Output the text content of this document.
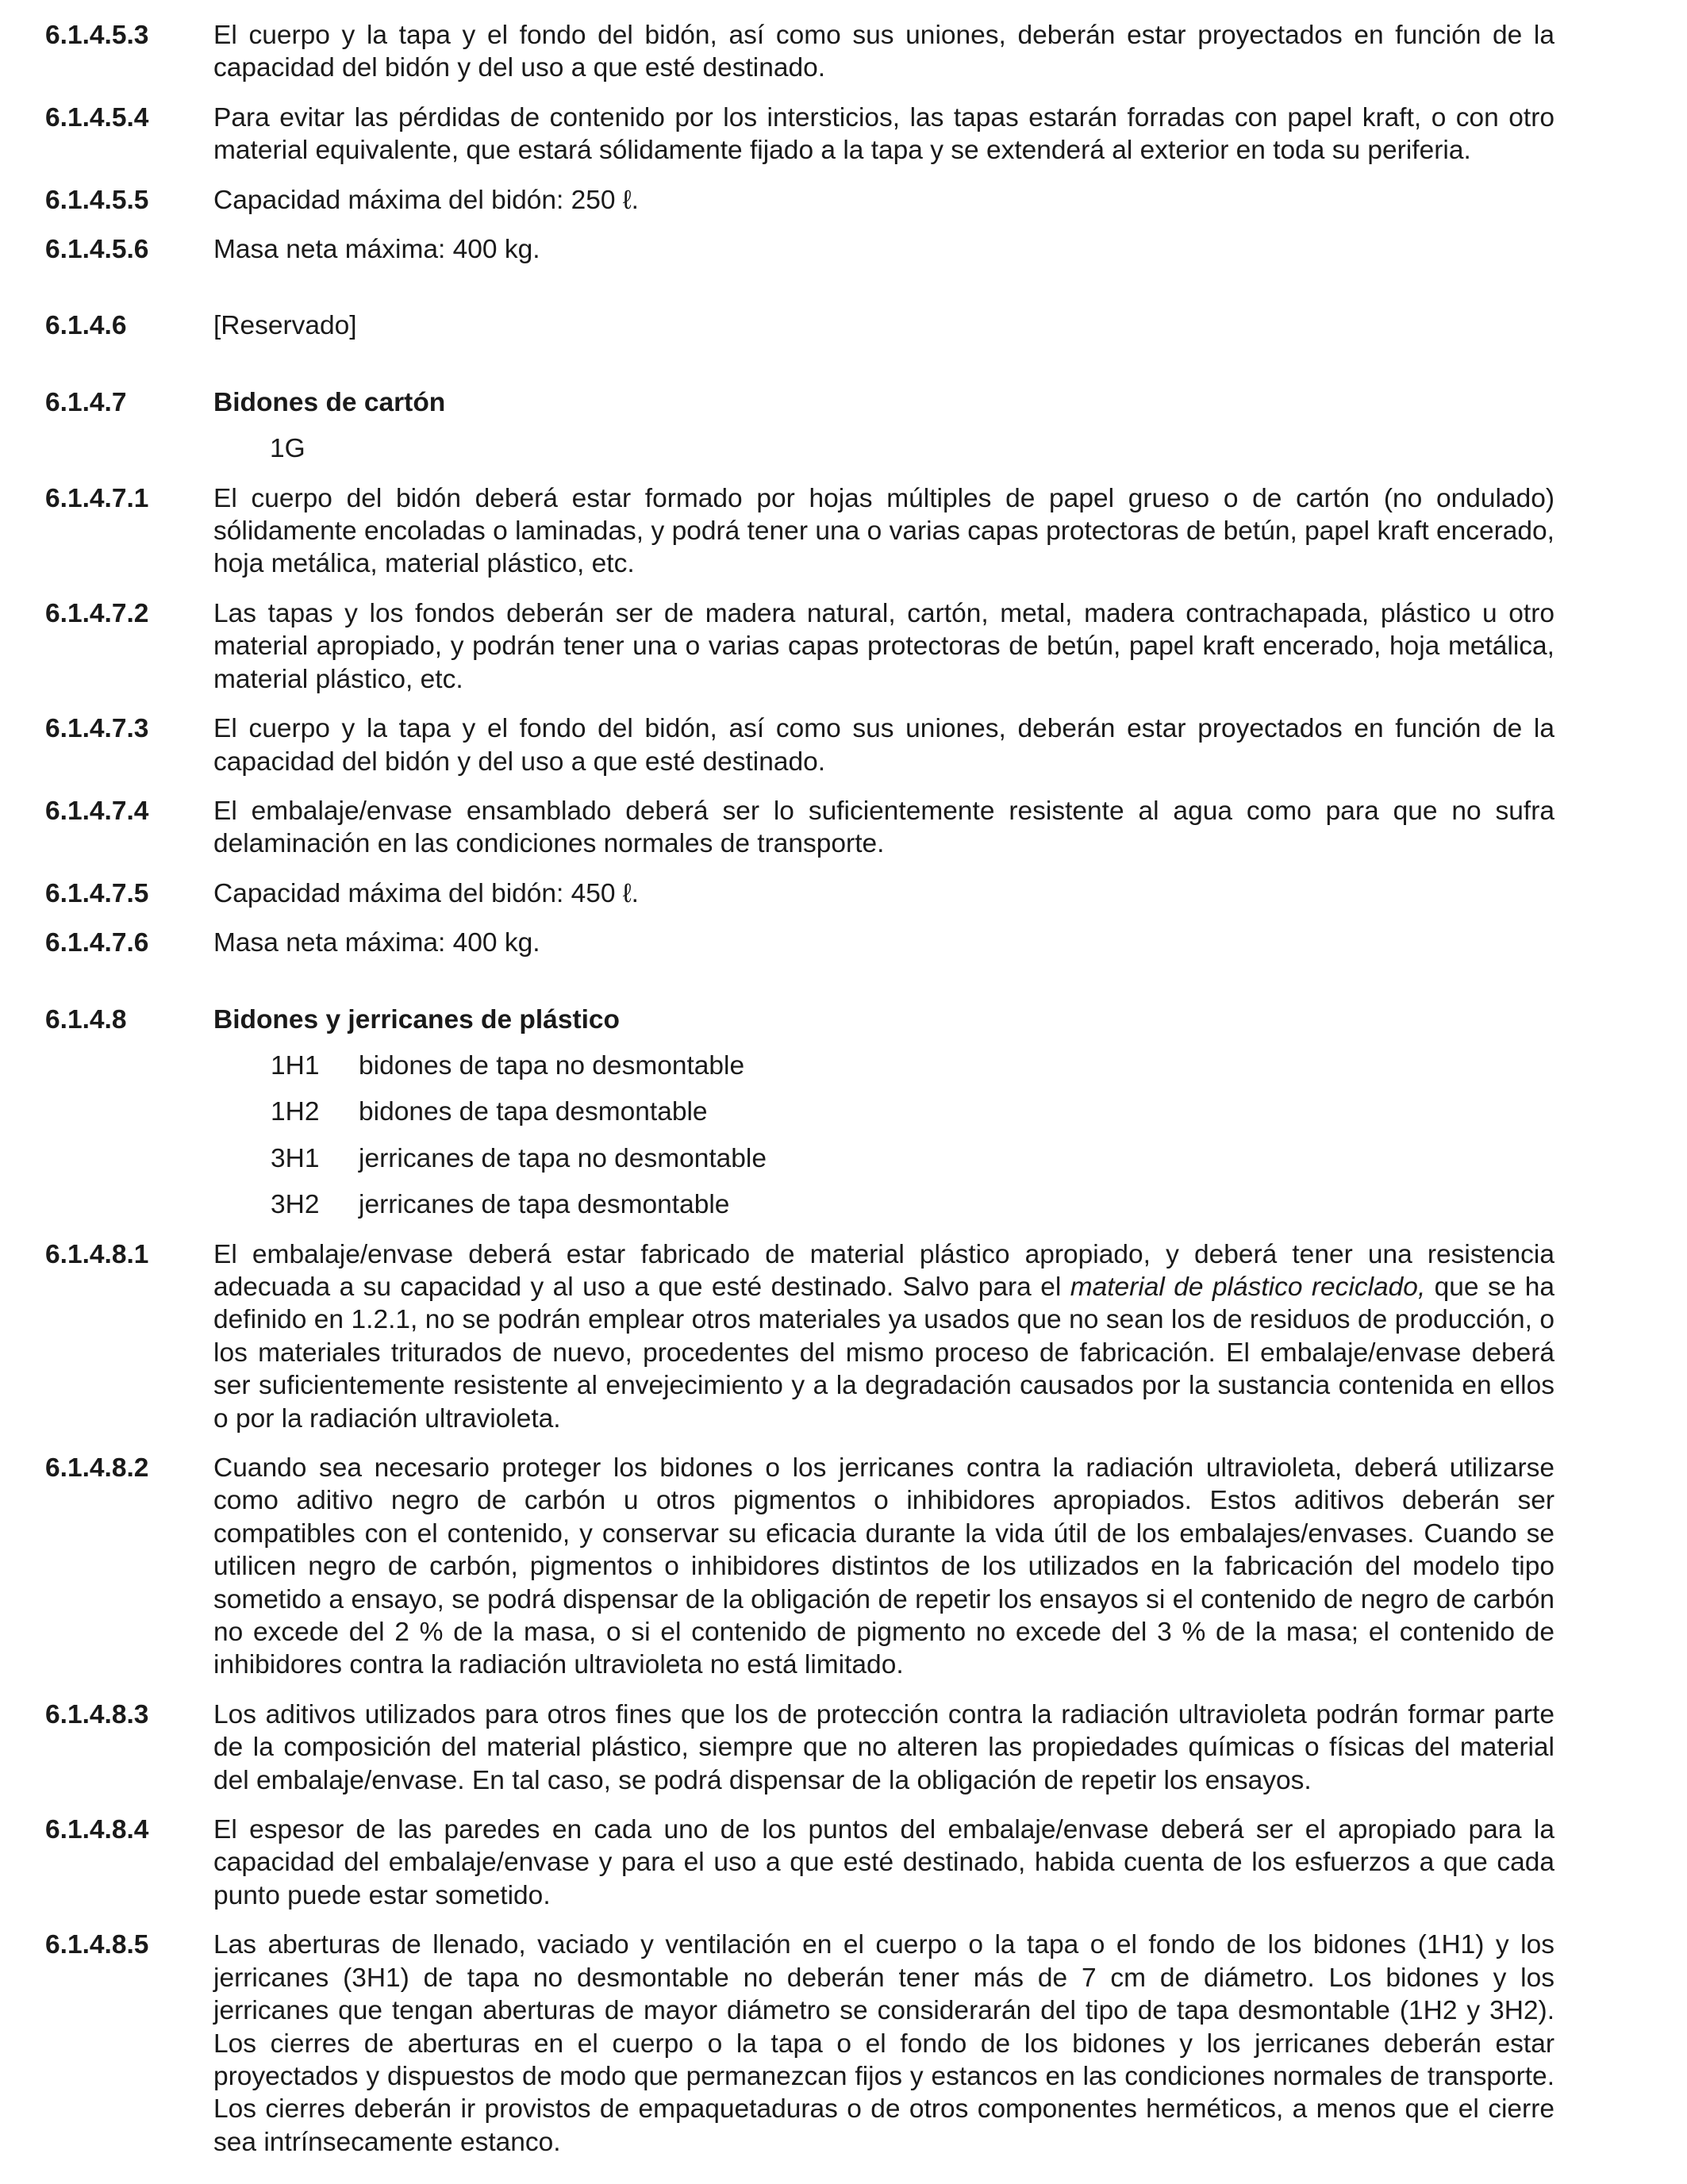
6.1.4.5.3	El cuerpo y la tapa y el fondo del bidón, así como sus uniones, deberán estar proyectados en función de la capacidad del bidón y del uso a que esté destinado.
6.1.4.5.4	Para evitar las pérdidas de contenido por los intersticios, las tapas estarán forradas con papel kraft, o con otro material equivalente, que estará sólidamente fijado a la tapa y se extenderá al exterior en toda su periferia.
6.1.4.5.5	Capacidad máxima del bidón: 250 ℓ.
6.1.4.5.6	Masa neta máxima: 400 kg.
6.1.4.6	[Reservado]
6.1.4.7	Bidones de cartón
1G
6.1.4.7.1	El cuerpo del bidón deberá estar formado por hojas múltiples de papel grueso o de cartón (no ondulado) sólidamente encoladas o laminadas, y podrá tener una o varias capas protectoras de betún, papel kraft encerado, hoja metálica, material plástico, etc.
6.1.4.7.2	Las tapas y los fondos deberán ser de madera natural, cartón, metal, madera contrachapada, plástico u otro material apropiado, y podrán tener una o varias capas protectoras de betún, papel kraft encerado, hoja metálica, material plástico, etc.
6.1.4.7.3	El cuerpo y la tapa y el fondo del bidón, así como sus uniones, deberán estar proyectados en función de la capacidad del bidón y del uso a que esté destinado.
6.1.4.7.4	El embalaje/envase ensamblado deberá ser lo suficientemente resistente al agua como para que no sufra delaminación en las condiciones normales de transporte.
6.1.4.7.5	Capacidad máxima del bidón: 450 ℓ.
6.1.4.7.6	Masa neta máxima: 400 kg.
6.1.4.8	Bidones y jerricanes de plástico
1H1	bidones de tapa no desmontable
1H2	bidones de tapa desmontable
3H1	jerricanes de tapa no desmontable
3H2	jerricanes de tapa desmontable
6.1.4.8.1	El embalaje/envase deberá estar fabricado de material plástico apropiado, y deberá tener una resistencia adecuada a su capacidad y al uso a que esté destinado. Salvo para el material de plástico reciclado, que se ha definido en 1.2.1, no se podrán emplear otros materiales ya usados que no sean los de residuos de producción, o los materiales triturados de nuevo, procedentes del mismo proceso de fabricación. El embalaje/envase deberá ser suficientemente resistente al envejecimiento y a la degradación causados por la sustancia contenida en ellos o por la radiación ultravioleta.
6.1.4.8.2	Cuando sea necesario proteger los bidones o los jerricanes contra la radiación ultravioleta, deberá utilizarse como aditivo negro de carbón u otros pigmentos o inhibidores apropiados. Estos aditivos deberán ser compatibles con el contenido, y conservar su eficacia durante la vida útil de los embalajes/envases. Cuando se utilicen negro de carbón, pigmentos o inhibidores distintos de los utilizados en la fabricación del modelo tipo sometido a ensayo, se podrá dispensar de la obligación de repetir los ensayos si el contenido de negro de carbón no excede del 2 % de la masa, o si el contenido de pigmento no excede del 3 % de la masa; el contenido de inhibidores contra la radiación ultravioleta no está limitado.
6.1.4.8.3	Los aditivos utilizados para otros fines que los de protección contra la radiación ultravioleta podrán formar parte de la composición del material plástico, siempre que no alteren las propiedades químicas o físicas del material del embalaje/envase. En tal caso, se podrá dispensar de la obligación de repetir los ensayos.
6.1.4.8.4	El espesor de las paredes en cada uno de los puntos del embalaje/envase deberá ser el apropiado para la capacidad del embalaje/envase y para el uso a que esté destinado, habida cuenta de los esfuerzos a que cada punto puede estar sometido.
6.1.4.8.5	Las aberturas de llenado, vaciado y ventilación en el cuerpo o la tapa o el fondo de los bidones (1H1) y los jerricanes (3H1) de tapa no desmontable no deberán tener más de 7 cm de diámetro. Los bidones y los jerricanes que tengan aberturas de mayor diámetro se considerarán del tipo de tapa desmontable (1H2 y 3H2). Los cierres de aberturas en el cuerpo o la tapa o el fondo de los bidones y los jerricanes deberán estar proyectados y dispuestos de modo que permanezcan fijos y estancos en las condiciones normales de transporte. Los cierres deberán ir provistos de empaquetaduras o de otros componentes herméticos, a menos que el cierre sea intrínsecamente estanco.
